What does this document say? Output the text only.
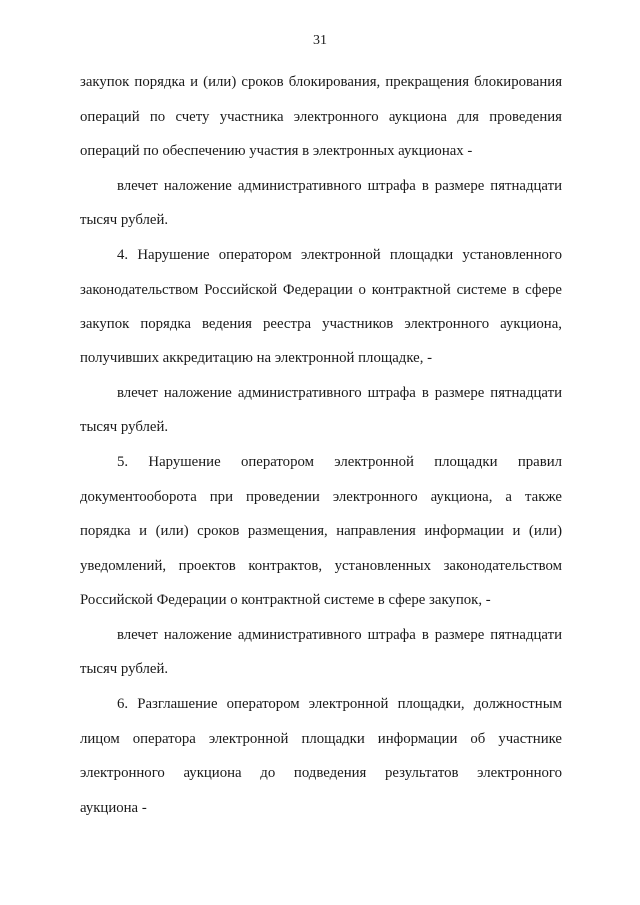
31
закупок порядка и (или) сроков блокирования, прекращения блокирования
операций по счету участника электронного аукциона для проведения
операций по обеспечению участия в электронных аукционах -
влечет наложение административного штрафа в размере пятнадцати
тысяч рублей.
4. Нарушение оператором электронной площадки установленного
законодательством Российской Федерации о контрактной системе в сфере
закупок порядка ведения реестра участников электронного аукциона,
получивших аккредитацию на электронной площадке, -
влечет наложение административного штрафа в размере пятнадцати
тысяч рублей.
5. Нарушение оператором электронной площадки правил
документооборота при проведении электронного аукциона, а также
порядка и (или) сроков размещения, направления информации и (или)
уведомлений, проектов контрактов, установленных законодательством
Российской Федерации о контрактной системе в сфере закупок, -
влечет наложение административного штрафа в размере пятнадцати
тысяч рублей.
6. Разглашение оператором электронной площадки, должностным
лицом оператора электронной площадки информации об участнике
электронного аукциона до подведения результатов электронного
аукциона -
